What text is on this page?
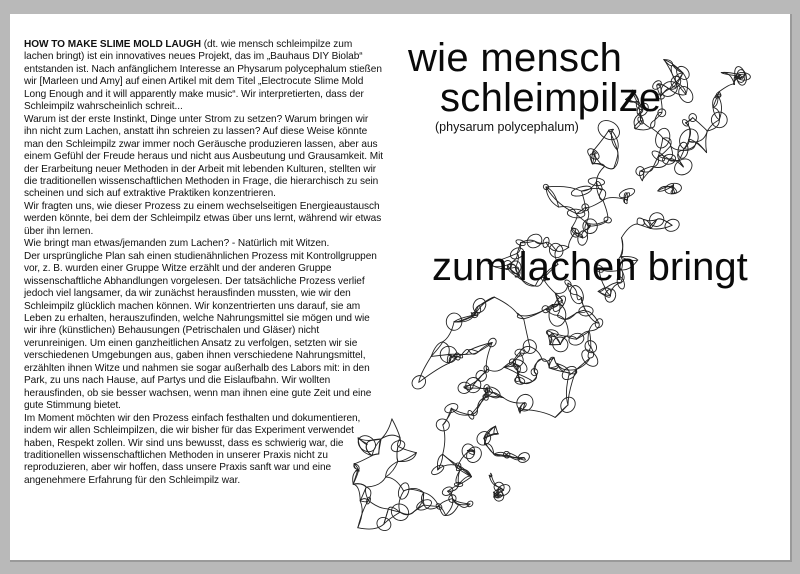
HOW TO MAKE SLIME MOLD LAUGH (dt. wie mensch schleimpilze zum lachen bringt) ist ein innovatives neues Projekt, das im „Bauhaus DIY Biolab“ entstanden ist. Nach anfänglichem Interesse an Physarum polycephalum stießen wir [Marleen und Amy] auf einen Artikel mit dem Titel „Electrocute Slime Mold Long Enough and it will apparently make music“. Wir interpretierten, dass der Schleimpilz wahrscheinlich schreit...

Warum ist der erste Instinkt, Dinge unter Strom zu setzen? Warum bringen wir ihn nicht zum Lachen, anstatt ihn schreien zu lassen? Auf diese Weise könnte man den Schleimpilz zwar immer noch Geräusche produzieren lassen, aber aus einem Gefühl der Freude heraus und nicht aus Ausbeutung und Grausamkeit. Mit der Erarbeitung neuer Methoden in der Arbeit mit lebenden Kulturen, stellten wir die traditionellen wissenschaftlichen Methoden in Frage, die hierarchisch zu sein scheinen und sich auf extraktive Praktiken konzentrieren.

Wir fragten uns, wie dieser Prozess zu einem wechselseitigen Energieaustausch werden könnte, bei dem der Schleimpilz etwas über uns lernt, während wir etwas über ihn lernen.

Wie bringt man etwas/jemanden zum Lachen? - Natürlich mit Witzen.

Der ursprüngliche Plan sah einen studienähnlichen Prozess mit Kontrollgruppen vor, z. B. wurden einer Gruppe Witze erzählt und der anderen Gruppe wissenschaftliche Abhandlungen vorgelesen. Der tatsächliche Prozess verlief jedoch viel langsamer, da wir zunächst herausfinden mussten, wie wir den Schleimpilz glücklich machen können. Wir konzentrierten uns darauf, sie am Leben zu erhalten, herauszufinden, welche Nahrungsmittel sie mögen und wie wir ihre (künstlichen) Behausungen (Petrischalen und Gläser) nicht verunreinigen. Um einen ganzheitlichen Ansatz zu verfolgen, setzten wir sie verschiedenen Umgebungen aus, gaben ihnen verschiedene Nahrungsmittel, erzählten ihnen Witze und nahmen sie sogar außerhalb des Labors mit: in den Park, zu uns nach Hause, auf Partys und die Eislaufbahn. Wir wollten herausfinden, ob sie besser wachsen, wenn man ihnen eine gute Zeit und eine gute Stimmung bietet.

Im Moment möchten wir den Prozess einfach festhalten und dokumentieren, indem wir allen Schleimpilzen, die wir bisher für das Experiment verwendet haben, Respekt zollen. Wir sind uns bewusst, dass es schwierig war, die traditionellen wissenschaftlichen Methoden in unserer Praxis nicht zu reproduzieren, aber wir hoffen, dass unsere Praxis sanft war und eine angenehmere Erfahrung für den Schleimpilz war.

wie mensch
schleimpilze
(physarum polycephalum)
zum lachen bringt
